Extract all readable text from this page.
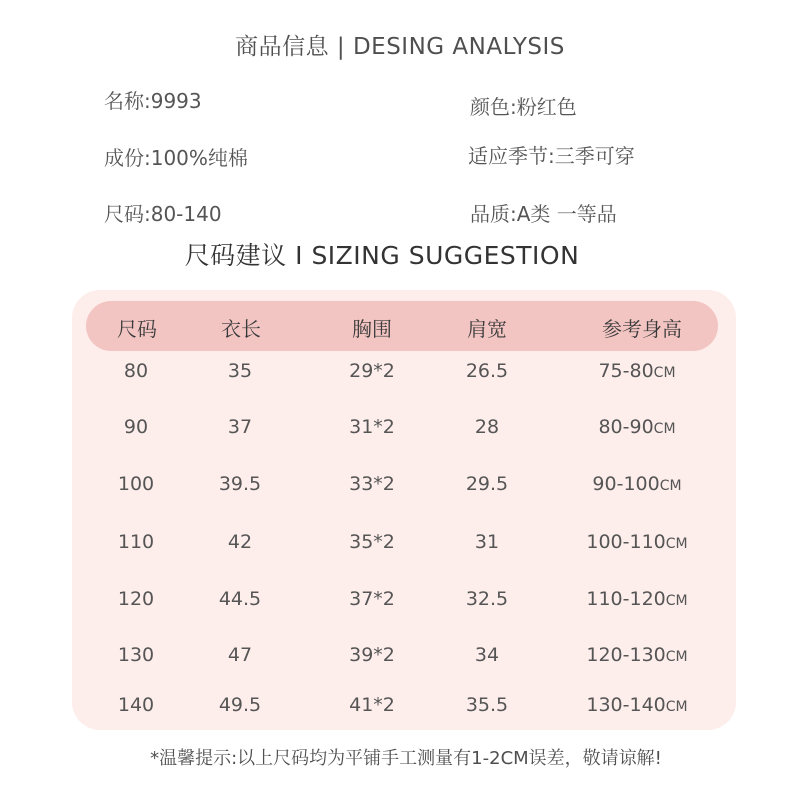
商品信息 | DESING ANALYSIS
名称:9993	颜色:粉红色
成份:100%纯棉	适应季节:三季可穿
尺码:80-140	品质:A类 一等品
尺码建议 I SIZING SUGGESTION
尺码	衣长	胸围	肩宽	参考身高
80	35	29*2	26.5	75-80CM
90	37	31*2	28	80-90CM
100	39.5	33*2	29.5	90-100CM
110	42	35*2	31	100-110CM
120	44.5	37*2	32.5	110-120CM
130	47	39*2	34	120-130CM
140	49.5	41*2	35.5	130-140CM
*温馨提示:以上尺码均为平铺手工测量有1-2CM误差，敬请谅解!
